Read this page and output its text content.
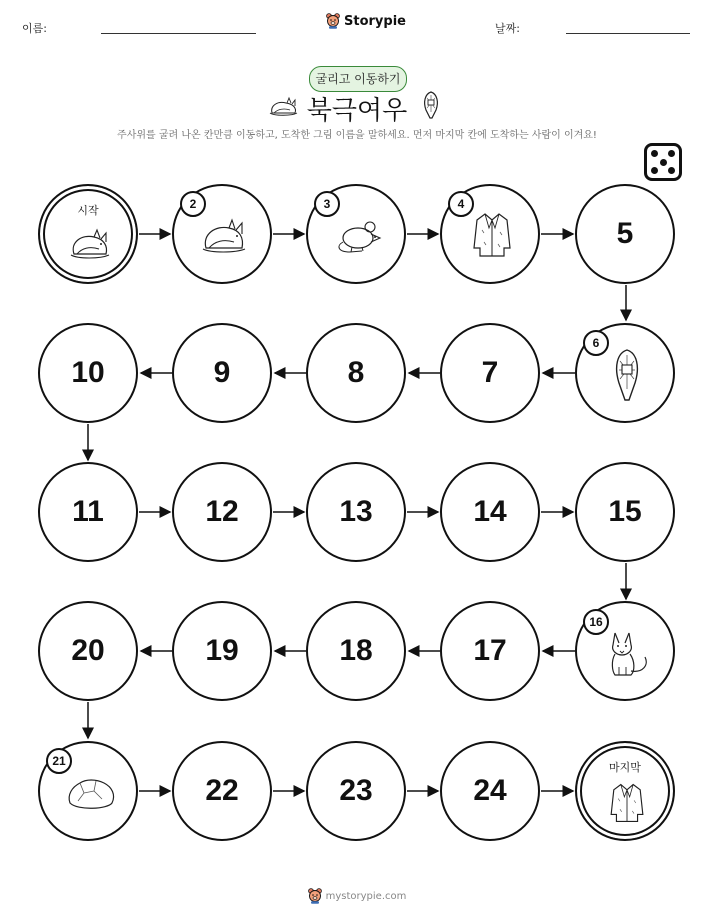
이름:	Storypie	날짜:
굴리고 이동하기
북극여우
주사위를 굴려 나온 칸만큼 이동하고, 도착한 그림 이름을 말하세요. 먼저 마지막 칸에 도착하는 사람이 이겨요!
시작	2	3	4
5
6
7
8
9
10
11	12	13	14	15
16
17
18
19
20
21
22	23	24
마지막
mystorypie.com
